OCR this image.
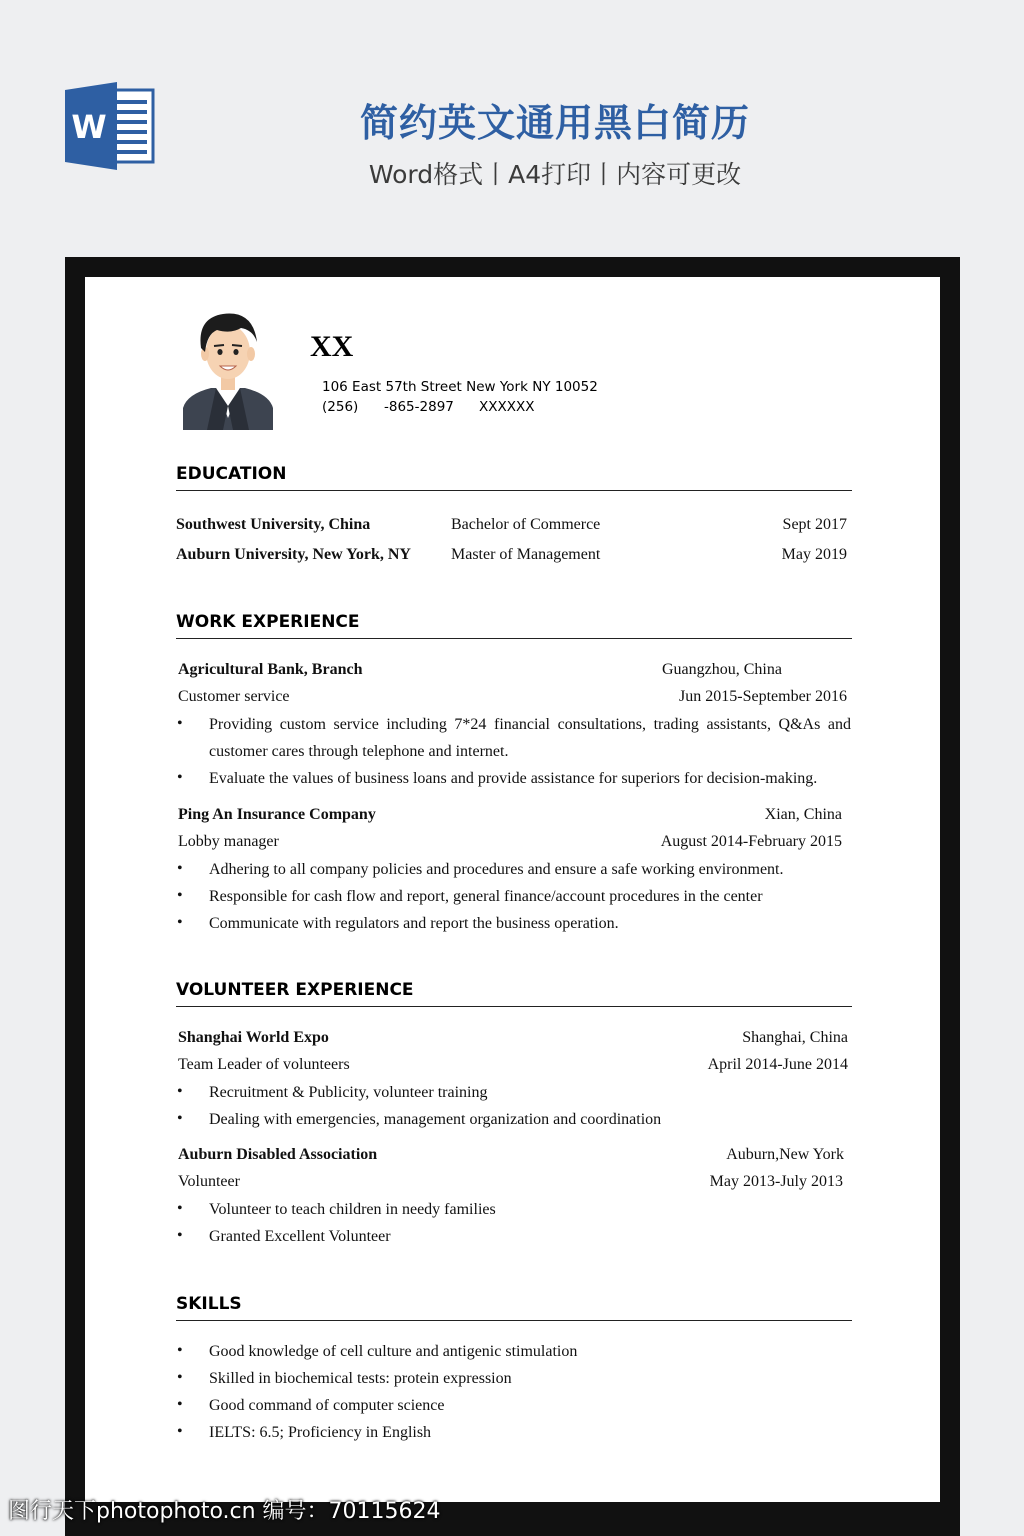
W	简约英文通用黑白简历
Word格式丨A4打印丨内容可更改
XX
106 East 57th Street New York NY 10052
(256) -865-2897 XXXXXX
EDUCATION
Southwest University, China	Bachelor of Commerce	Sept 2017
Auburn University, New York, NY	Master of Management	May 2019
WORK EXPERIENCE
Agricultural Bank, Branch	Guangzhou, China
Customer service	Jun 2015-September 2016
• Providing custom service including 7*24 financial consultations, trading assistants, Q&As and customer cares through telephone and internet.
• Evaluate the values of business loans and provide assistance for superiors for decision-making.
Ping An Insurance Company	Xian, China
Lobby manager	August 2014-February 2015
• Adhering to all company policies and procedures and ensure a safe working environment.
• Responsible for cash flow and report, general finance/account procedures in the center
• Communicate with regulators and report the business operation.
VOLUNTEER EXPERIENCE
Shanghai World Expo	Shanghai, China
Team Leader of volunteers	April 2014-June 2014
• Recruitment & Publicity, volunteer training
• Dealing with emergencies, management organization and coordination
Auburn Disabled Association	Auburn,New York
Volunteer	May 2013-July 2013
• Volunteer to teach children in needy families
• Granted Excellent Volunteer
SKILLS
• Good knowledge of cell culture and antigenic stimulation
• Skilled in biochemical tests: protein expression
• Good command of computer science
• IELTS: 6.5; Proficiency in English
图行天下photophoto.cn 编号：70115624
